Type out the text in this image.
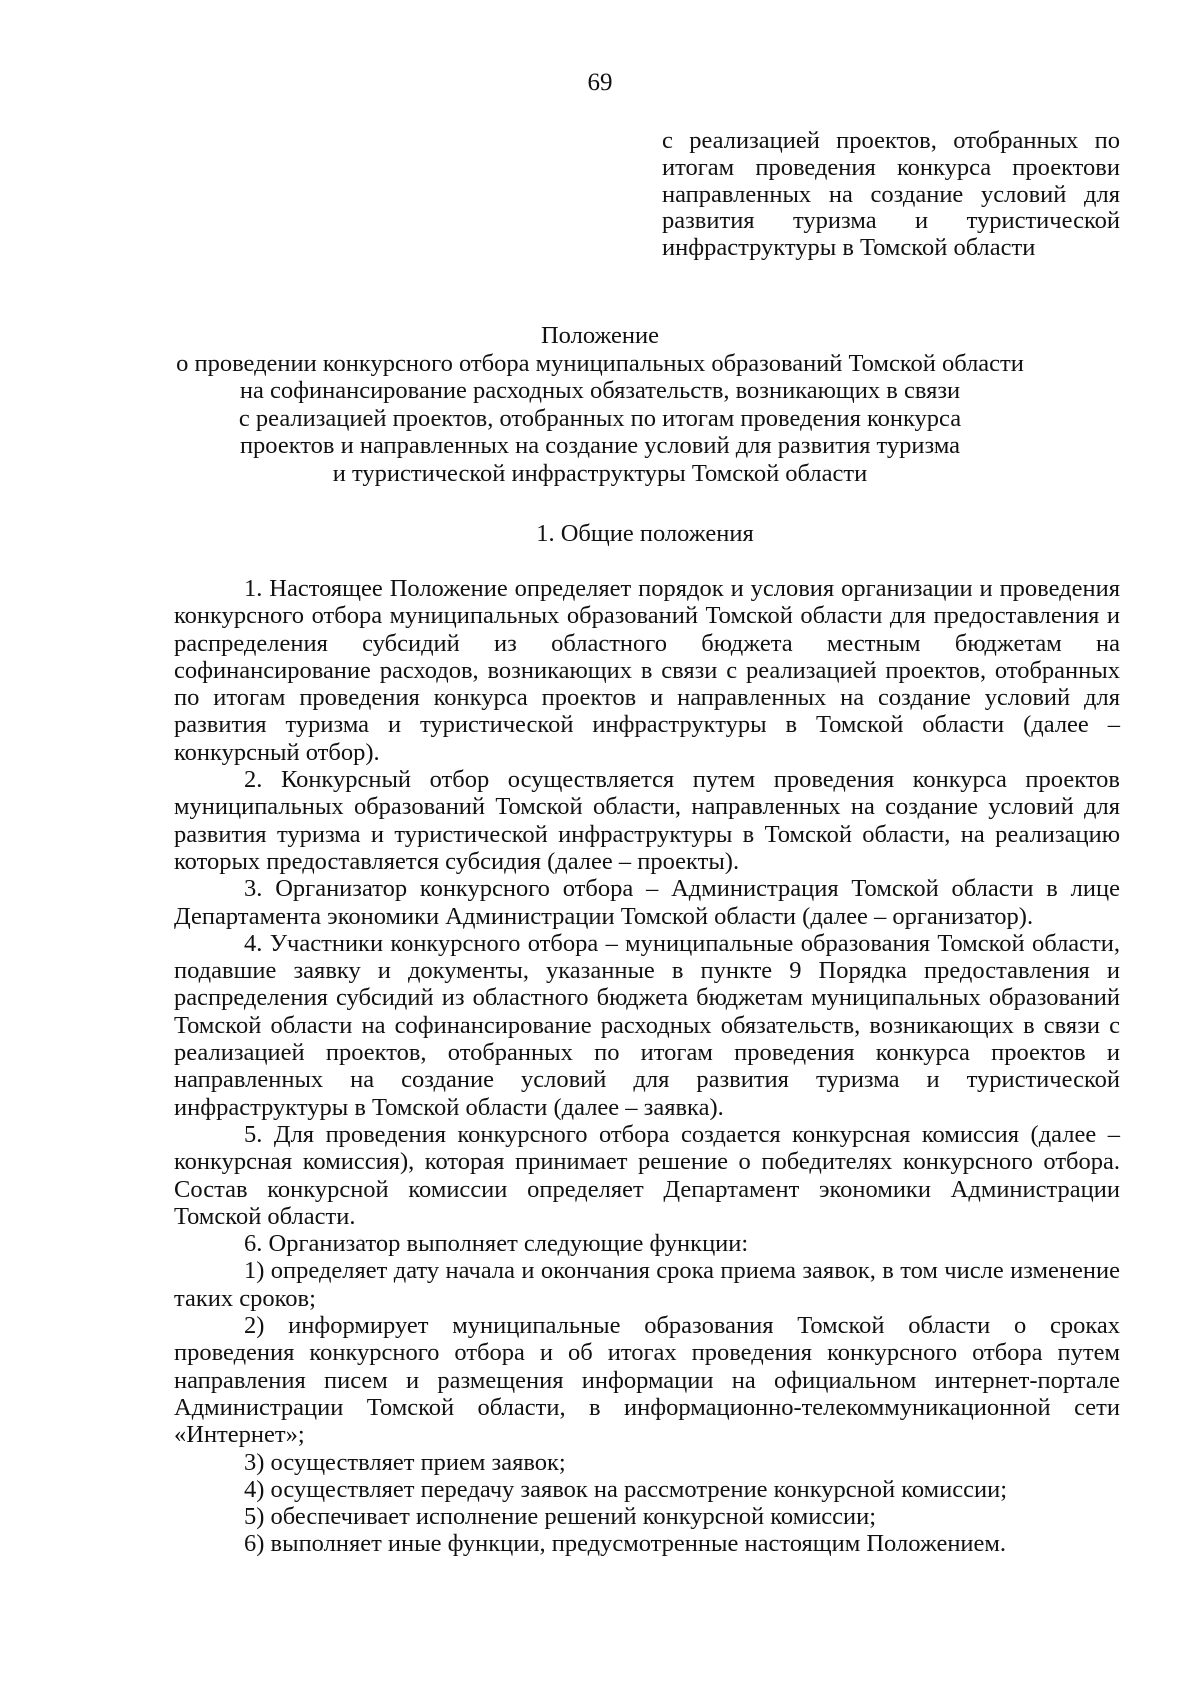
69
с реализацией проектов, отобранных по итогам проведения конкурса проектови направленных на создание условий для развития туризма и туристической инфраструктуры в Томской области
Положение
о проведении конкурсного отбора муниципальных образований Томской области
на софинансирование расходных обязательств, возникающих в связи
с реализацией проектов, отобранных по итогам проведения конкурса
проектов и направленных на создание условий для развития туризма
и туристической инфраструктуры Томской области
1. Общие положения

1. Настоящее Положение определяет порядок и условия организации и проведения конкурсного отбора муниципальных образований Томской области для предоставления и распределения субсидий из областного бюджета местным бюджетам на софинансирование расходов, возникающих в связи с реализацией проектов, отобранных по итогам проведения конкурса проектов и направленных на создание условий для развития туризма и туристической инфраструктуры в Томской области (далее – конкурсный отбор).

2. Конкурсный отбор осуществляется путем проведения конкурса проектов муниципальных образований Томской области, направленных на создание условий для развития туризма и туристической инфраструктуры в Томской области, на реализацию которых предоставляется субсидия (далее – проекты).

3. Организатор конкурсного отбора – Администрация Томской области в лице Департамента экономики Администрации Томской области (далее – организатор).

4. Участники конкурсного отбора – муниципальные образования Томской области, подавшие заявку и документы, указанные в пункте 9 Порядка предоставления и распределения субсидий из областного бюджета бюджетам муниципальных образований Томской области на софинансирование расходных обязательств, возникающих в связи с реализацией проектов, отобранных по итогам проведения конкурса проектов и направленных на создание условий для развития туризма и туристической инфраструктуры в Томской области (далее – заявка).

5. Для проведения конкурсного отбора создается конкурсная комиссия (далее – конкурсная комиссия), которая принимает решение о победителях конкурсного отбора. Состав конкурсной комиссии определяет Департамент экономики Администрации Томской области.

6. Организатор выполняет следующие функции:

1) определяет дату начала и окончания срока приема заявок, в том числе изменение таких сроков;

2) информирует муниципальные образования Томской области о сроках проведения конкурсного отбора и об итогах проведения конкурсного отбора путем направления писем и размещения информации на официальном интернет-портале Администрации Томской области, в информационно-телекоммуникационной сети «Интернет»;

3) осуществляет прием заявок;

4) осуществляет передачу заявок на рассмотрение конкурсной комиссии;

5) обеспечивает исполнение решений конкурсной комиссии;

6) выполняет иные функции, предусмотренные настоящим Положением.
